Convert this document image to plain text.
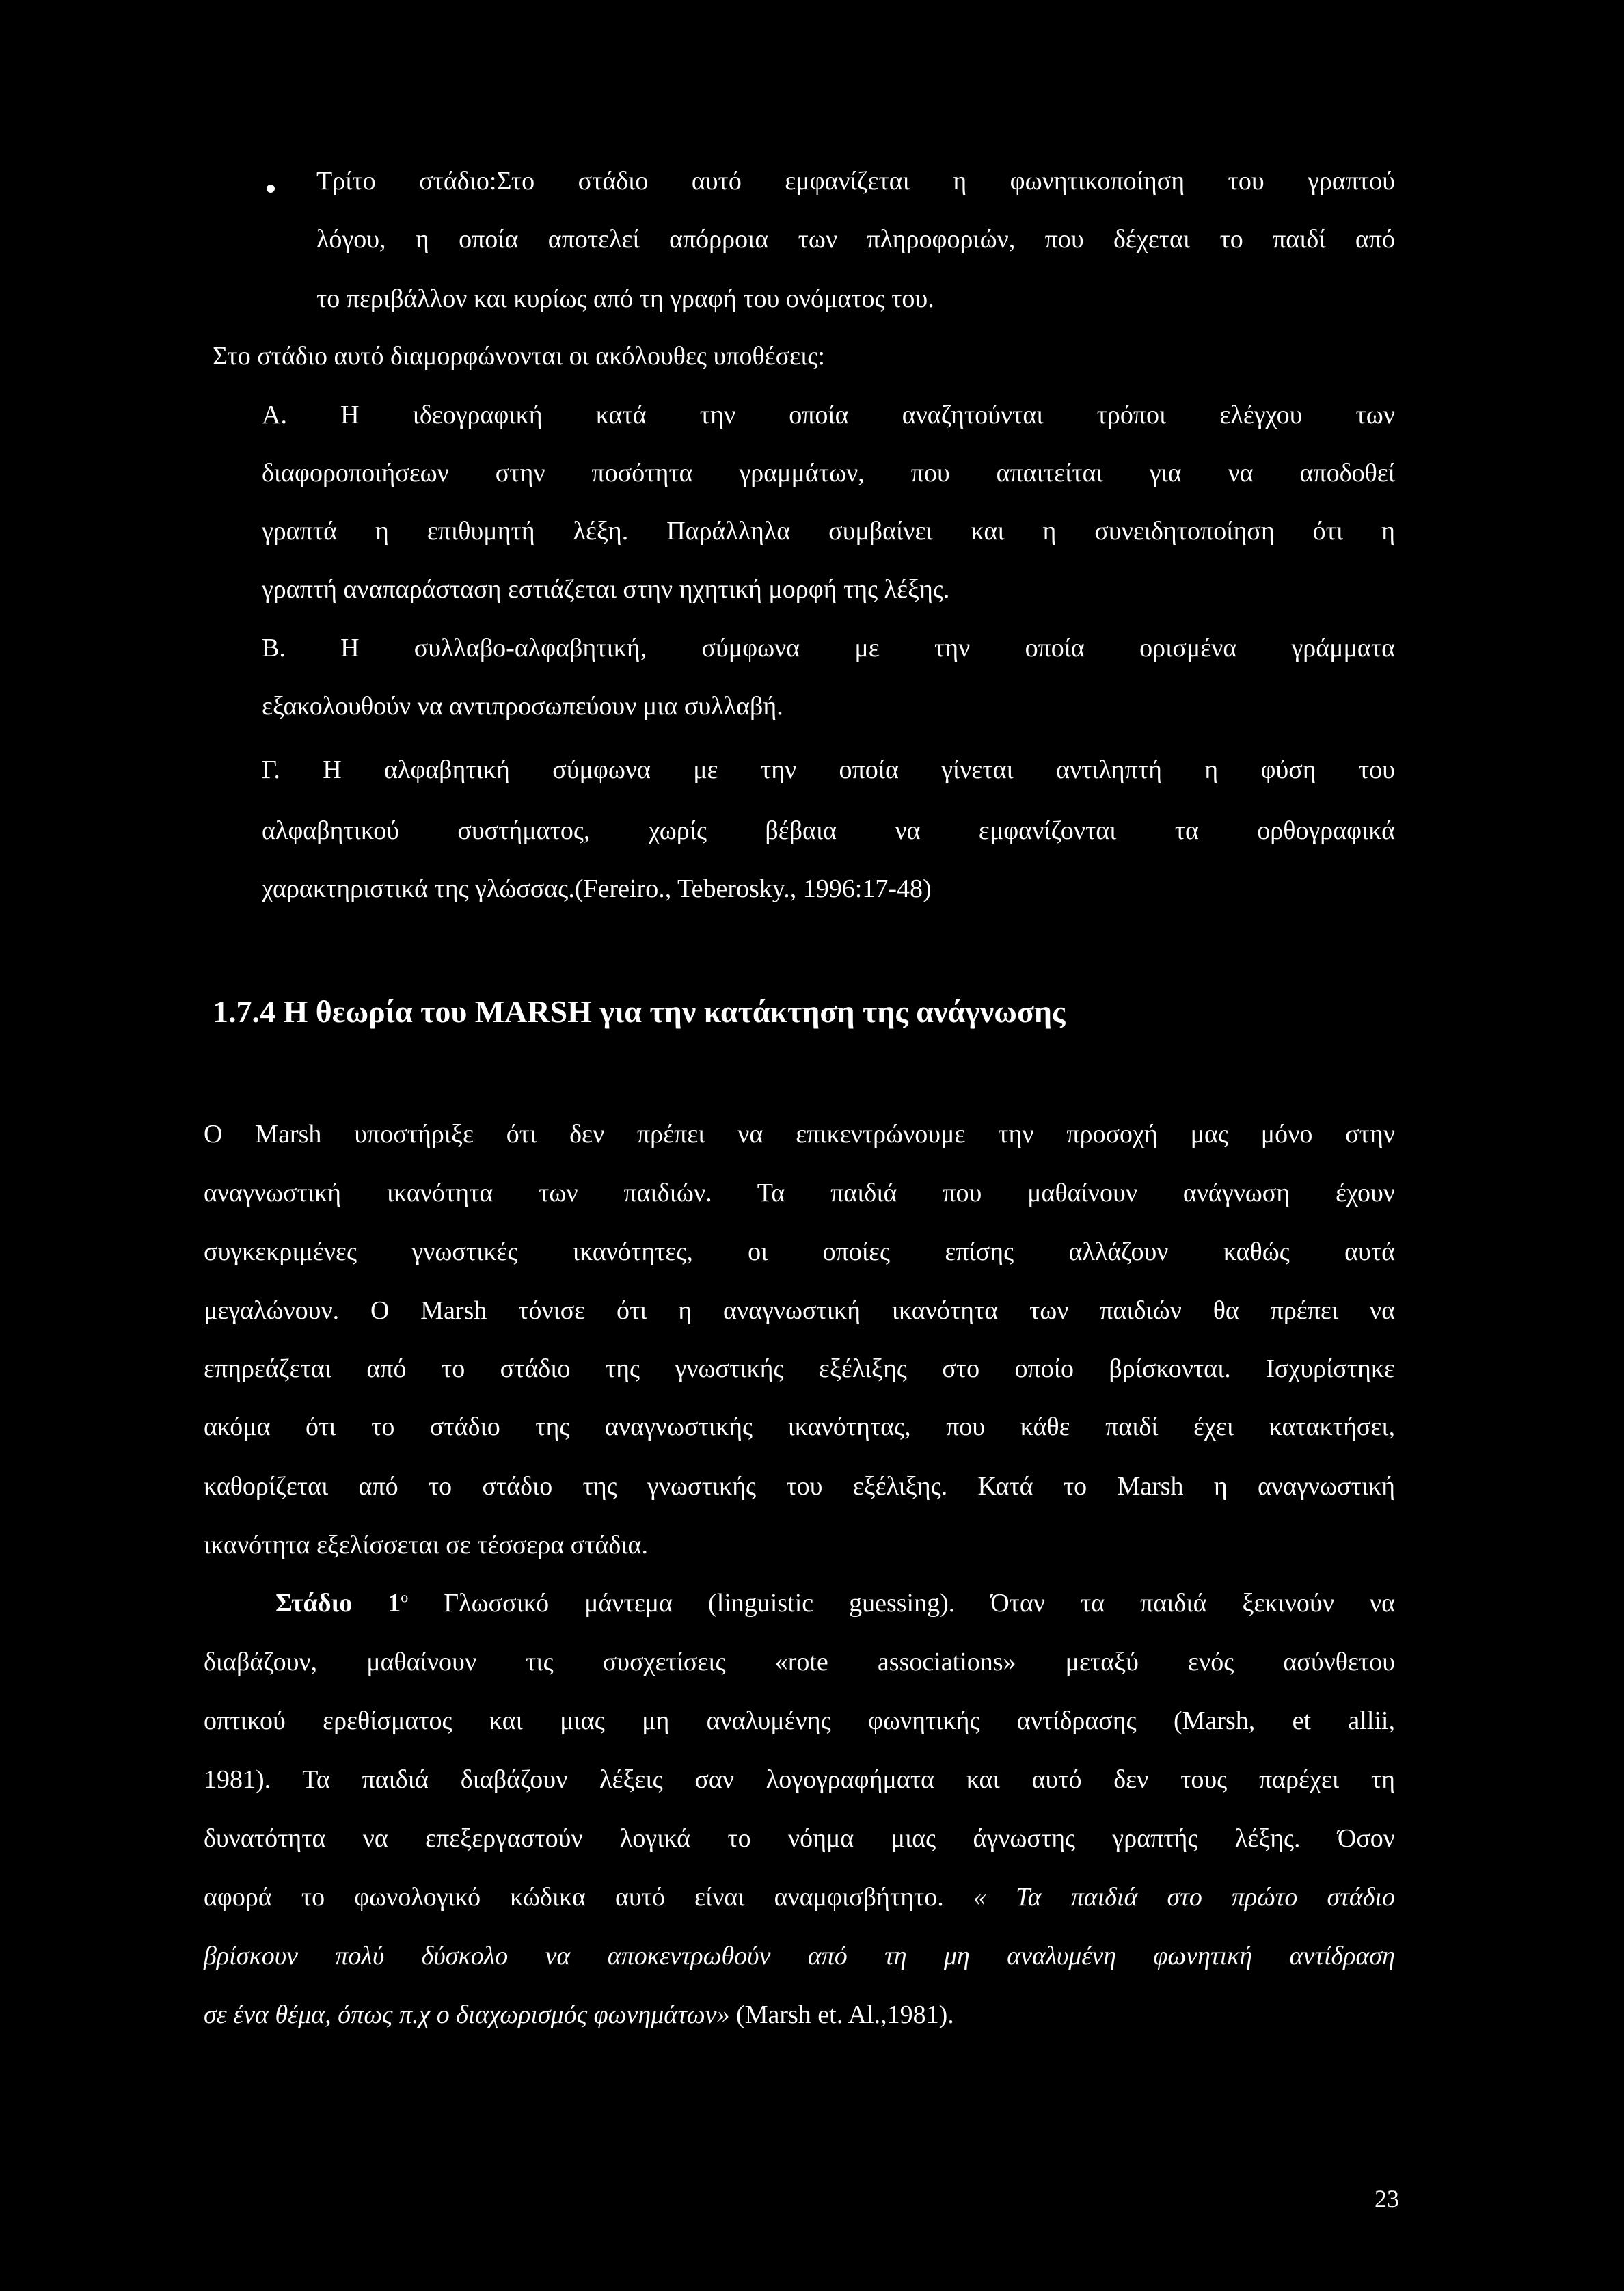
Τρίτο στάδιο:Στο στάδιο αυτό εμφανίζεται η φωνητικοποίηση του γραπτού
λόγου, η οποία αποτελεί απόρροια των πληροφοριών, που δέχεται το παιδί από
το περιβάλλον και κυρίως από τη γραφή του ονόματος του.
Στο στάδιο αυτό διαμορφώνονται οι ακόλουθες υποθέσεις:
Α. Η ιδεογραφική κατά την οποία αναζητούνται τρόποι ελέγχου των
διαφοροποιήσεων στην ποσότητα γραμμάτων, που απαιτείται για να αποδοθεί
γραπτά η επιθυμητή λέξη. Παράλληλα συμβαίνει και η συνειδητοποίηση ότι η
γραπτή αναπαράσταση εστιάζεται στην ηχητική μορφή της λέξης.
Β. Η συλλαβο-αλφαβητική, σύμφωνα με την οποία ορισμένα γράμματα
εξακολουθούν να αντιπροσωπεύουν μια συλλαβή.
Γ. Η αλφαβητική σύμφωνα με την οποία γίνεται αντιληπτή η φύση του
αλφαβητικού συστήματος, χωρίς βέβαια να εμφανίζονται τα ορθογραφικά
χαρακτηριστικά της γλώσσας.(Fereiro., Teberosky., 1996:17-48)
1.7.4 Η θεωρία του MARSH για την κατάκτηση της ανάγνωσης
Ο Marsh υποστήριξε ότι δεν πρέπει να επικεντρώνουμε την προσοχή μας μόνο στην
αναγνωστική ικανότητα των παιδιών. Τα παιδιά που μαθαίνουν ανάγνωση έχουν
συγκεκριμένες γνωστικές ικανότητες, οι οποίες επίσης αλλάζουν καθώς αυτά
μεγαλώνουν. Ο Marsh τόνισε ότι η αναγνωστική ικανότητα των παιδιών θα πρέπει να
επηρεάζεται από το στάδιο της γνωστικής εξέλιξης στο οποίο βρίσκονται. Ισχυρίστηκε
ακόμα ότι το στάδιο της αναγνωστικής ικανότητας, που κάθε παιδί έχει κατακτήσει,
καθορίζεται από το στάδιο της γνωστικής του εξέλιξης. Κατά το Marsh η αναγνωστική
ικανότητα εξελίσσεται σε τέσσερα στάδια.
Στάδιο $1^o$ Γλωσσικό μάντεμα (linguistic guessing). Όταν τα παιδιά ξεκινούν να
διαβάζουν, μαθαίνουν τις συσχετίσεις «rote associations» μεταξύ ενός ασύνθετου
οπτικού ερεθίσματος και μιας μη αναλυμένης φωνητικής αντίδρασης (Marsh, et allii,
1981). Τα παιδιά διαβάζουν λέξεις σαν λογογραφήματα και αυτό δεν τους παρέχει τη
δυνατότητα να επεξεργαστούν λογικά το νόημα μιας άγνωστης γραπτής λέξης. Όσον
αφορά το φωνολογικό κώδικα αυτό είναι αναμφισβήτητο. « Τα παιδιά στο πρώτο στάδιο
βρίσκουν πολύ δύσκολο να αποκεντρωθούν από τη μη αναλυμένη φωνητική αντίδραση
σε ένα θέμα, όπως π.χ ο διαχωρισμός φωνημάτων» (Marsh et. Al.,1981).
23
